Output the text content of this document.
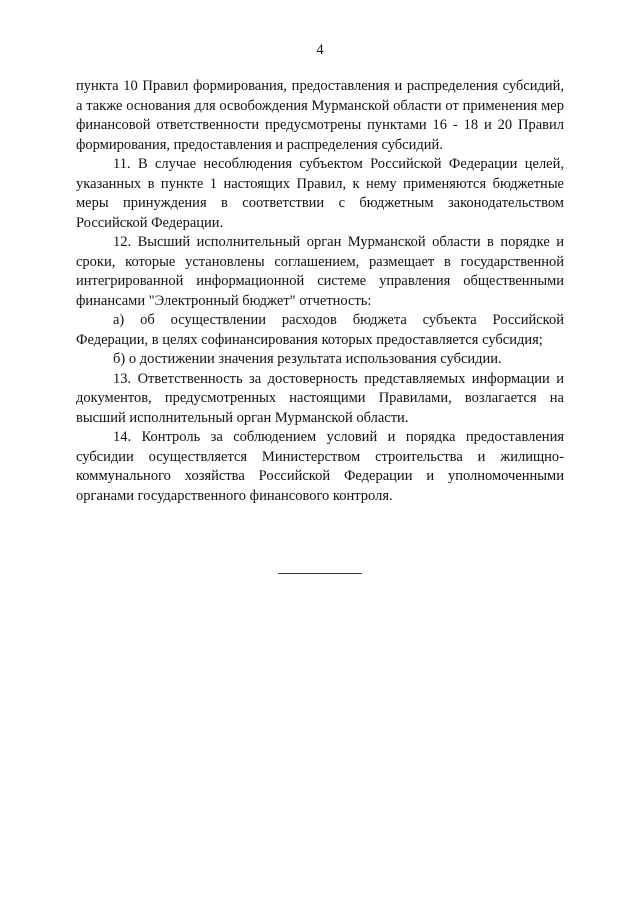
4

пункта 10 Правил формирования, предоставления и распределения субсидий, а также основания для освобождения Мурманской области от применения мер финансовой ответственности предусмотрены пунктами 16 - 18 и 20 Правил формирования, предоставления и распределения субсидий.

11. В случае несоблюдения субъектом Российской Федерации целей, указанных в пункте 1 настоящих Правил, к нему применяются бюджетные меры принуждения в соответствии с бюджетным законодательством Российской Федерации.

12. Высший исполнительный орган Мурманской области в порядке и сроки, которые установлены соглашением, размещает в государственной интегрированной информационной системе управления общественными финансами "Электронный бюджет" отчетность:

а) об осуществлении расходов бюджета субъекта Российской Федерации, в целях софинансирования которых предоставляется субсидия;

б) о достижении значения результата использования субсидии.

13. Ответственность за достоверность представляемых информации и документов, предусмотренных настоящими Правилами, возлагается на высший исполнительный орган Мурманской области.

14. Контроль за соблюдением условий и порядка предоставления субсидии осуществляется Министерством строительства и жилищно-коммунального хозяйства Российской Федерации и уполномоченными органами государственного финансового контроля.
